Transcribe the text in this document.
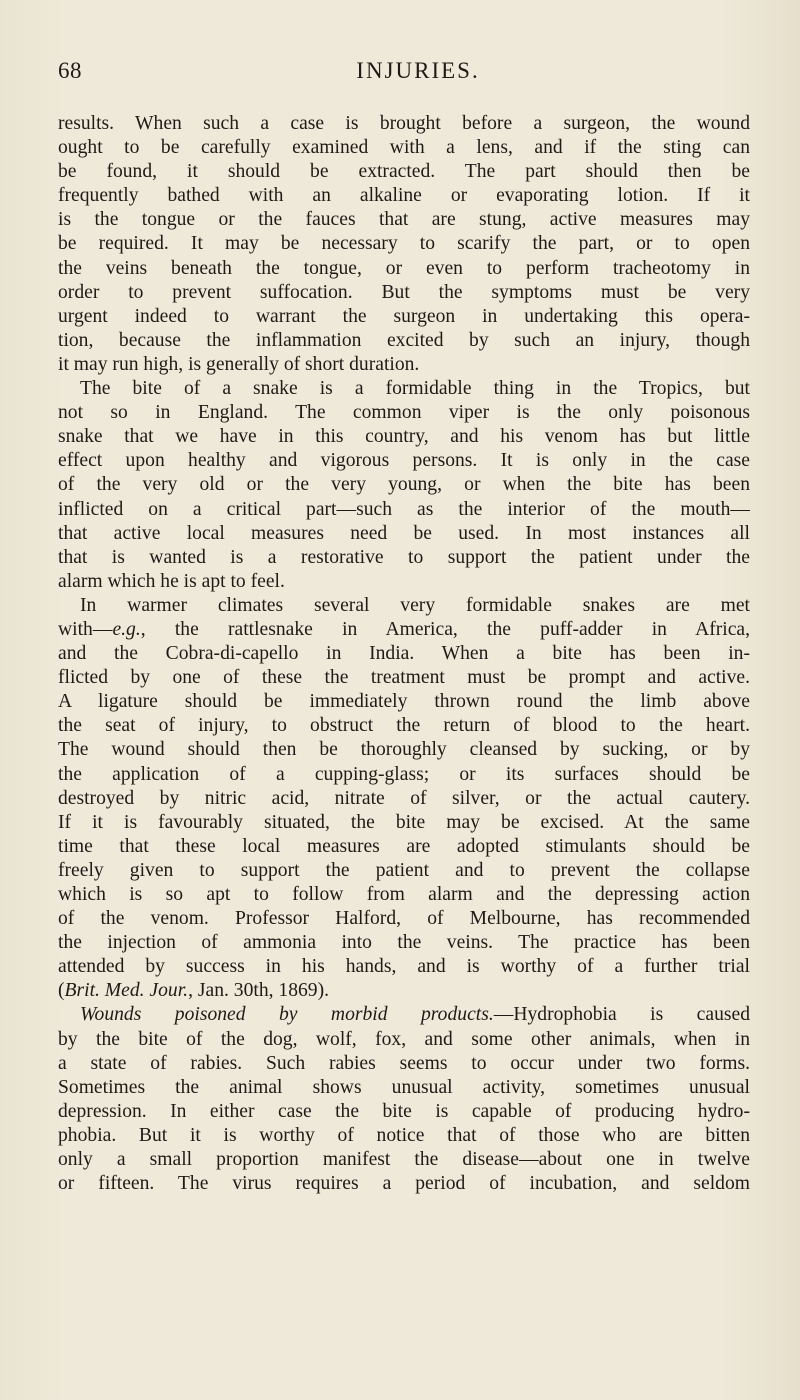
68	INJURIES.
results. When such a case is brought before a surgeon, the wound
ought to be carefully examined with a lens, and if the sting can
be found, it should be extracted. The part should then be
frequently bathed with an alkaline or evaporating lotion. If it
is the tongue or the fauces that are stung, active measures may
be required. It may be necessary to scarify the part, or to open
the veins beneath the tongue, or even to perform tracheotomy in
order to prevent suffocation. But the symptoms must be very
urgent indeed to warrant the surgeon in undertaking this opera-
tion, because the inflammation excited by such an injury, though
it may run high, is generally of short duration.
The bite of a snake is a formidable thing in the Tropics, but
not so in England. The common viper is the only poisonous
snake that we have in this country, and his venom has but little
effect upon healthy and vigorous persons. It is only in the case
of the very old or the very young, or when the bite has been
inflicted on a critical part—such as the interior of the mouth—
that active local measures need be used. In most instances all
that is wanted is a restorative to support the patient under the
alarm which he is apt to feel.
In warmer climates several very formidable snakes are met
with—e.g., the rattlesnake in America, the puff-adder in Africa,
and the Cobra-di-capello in India. When a bite has been in-
flicted by one of these the treatment must be prompt and active.
A ligature should be immediately thrown round the limb above
the seat of injury, to obstruct the return of blood to the heart.
The wound should then be thoroughly cleansed by sucking, or by
the application of a cupping-glass; or its surfaces should be
destroyed by nitric acid, nitrate of silver, or the actual cautery.
If it is favourably situated, the bite may be excised. At the same
time that these local measures are adopted stimulants should be
freely given to support the patient and to prevent the collapse
which is so apt to follow from alarm and the depressing action
of the venom. Professor Halford, of Melbourne, has recommended
the injection of ammonia into the veins. The practice has been
attended by success in his hands, and is worthy of a further trial
(Brit. Med. Jour., Jan. 30th, 1869).
Wounds poisoned by morbid products.—Hydrophobia is caused
by the bite of the dog, wolf, fox, and some other animals, when in
a state of rabies. Such rabies seems to occur under two forms.
Sometimes the animal shows unusual activity, sometimes unusual
depression. In either case the bite is capable of producing hydro-
phobia. But it is worthy of notice that of those who are bitten
only a small proportion manifest the disease—about one in twelve
or fifteen. The virus requires a period of incubation, and seldom
